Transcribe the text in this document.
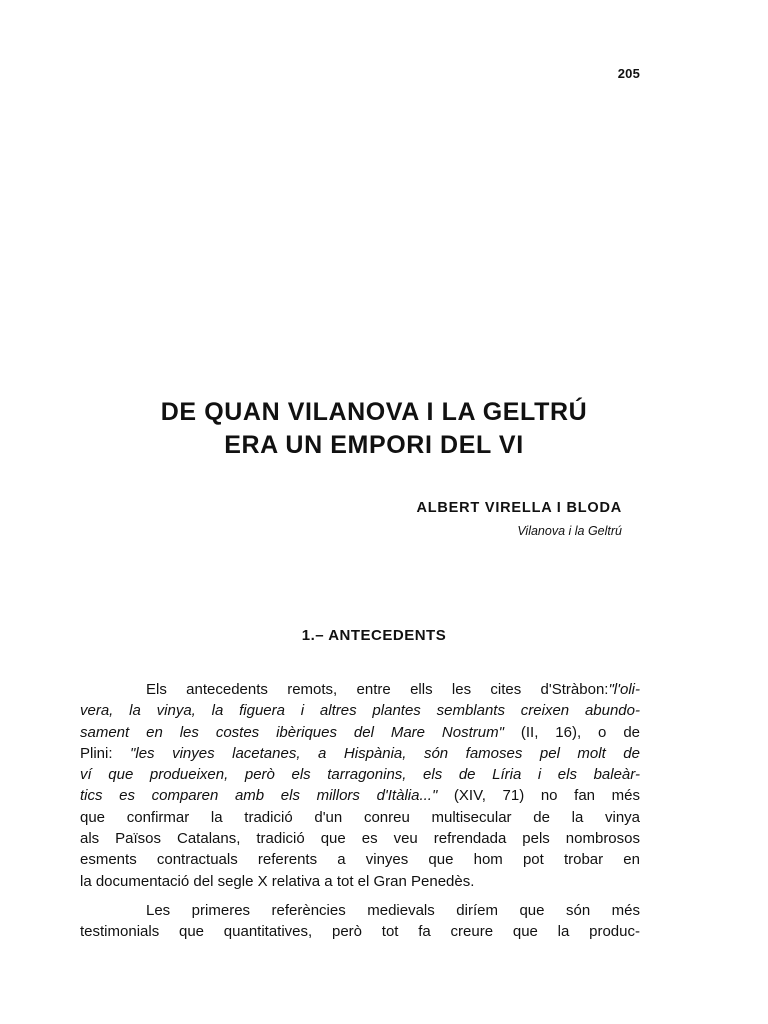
205
DE QUAN VILANOVA I LA GELTRÚ
ERA UN EMPORI DEL VI
ALBERT VIRELLA I BLODA
Vilanova i la Geltrú
1.– ANTECEDENTS
Els antecedents remots, entre ells les cites d'Stràbon:"l'oli-
vera, la vinya, la figuera i altres plantes semblants creixen abundo-
sament en les costes ibèriques del Mare Nostrum" (II, 16), o de
Plini: "les vinyes lacetanes, a Hispània, són famoses pel molt de
ví que produeixen, però els tarragonins, els de Líria i els baleàr-
tics es comparen amb els millors d'Itàlia..." (XIV, 71) no fan més
que confirmar la tradició d'un conreu multisecular de la vinya
als Països Catalans, tradició que es veu refrendada pels nombrosos
esments contractuals referents a vinyes que hom pot trobar en
la documentació del segle X relativa a tot el Gran Penedès.
Les primeres referències medievals diríem que són més
testimonials que quantitatives, però tot fa creure que la produc-
